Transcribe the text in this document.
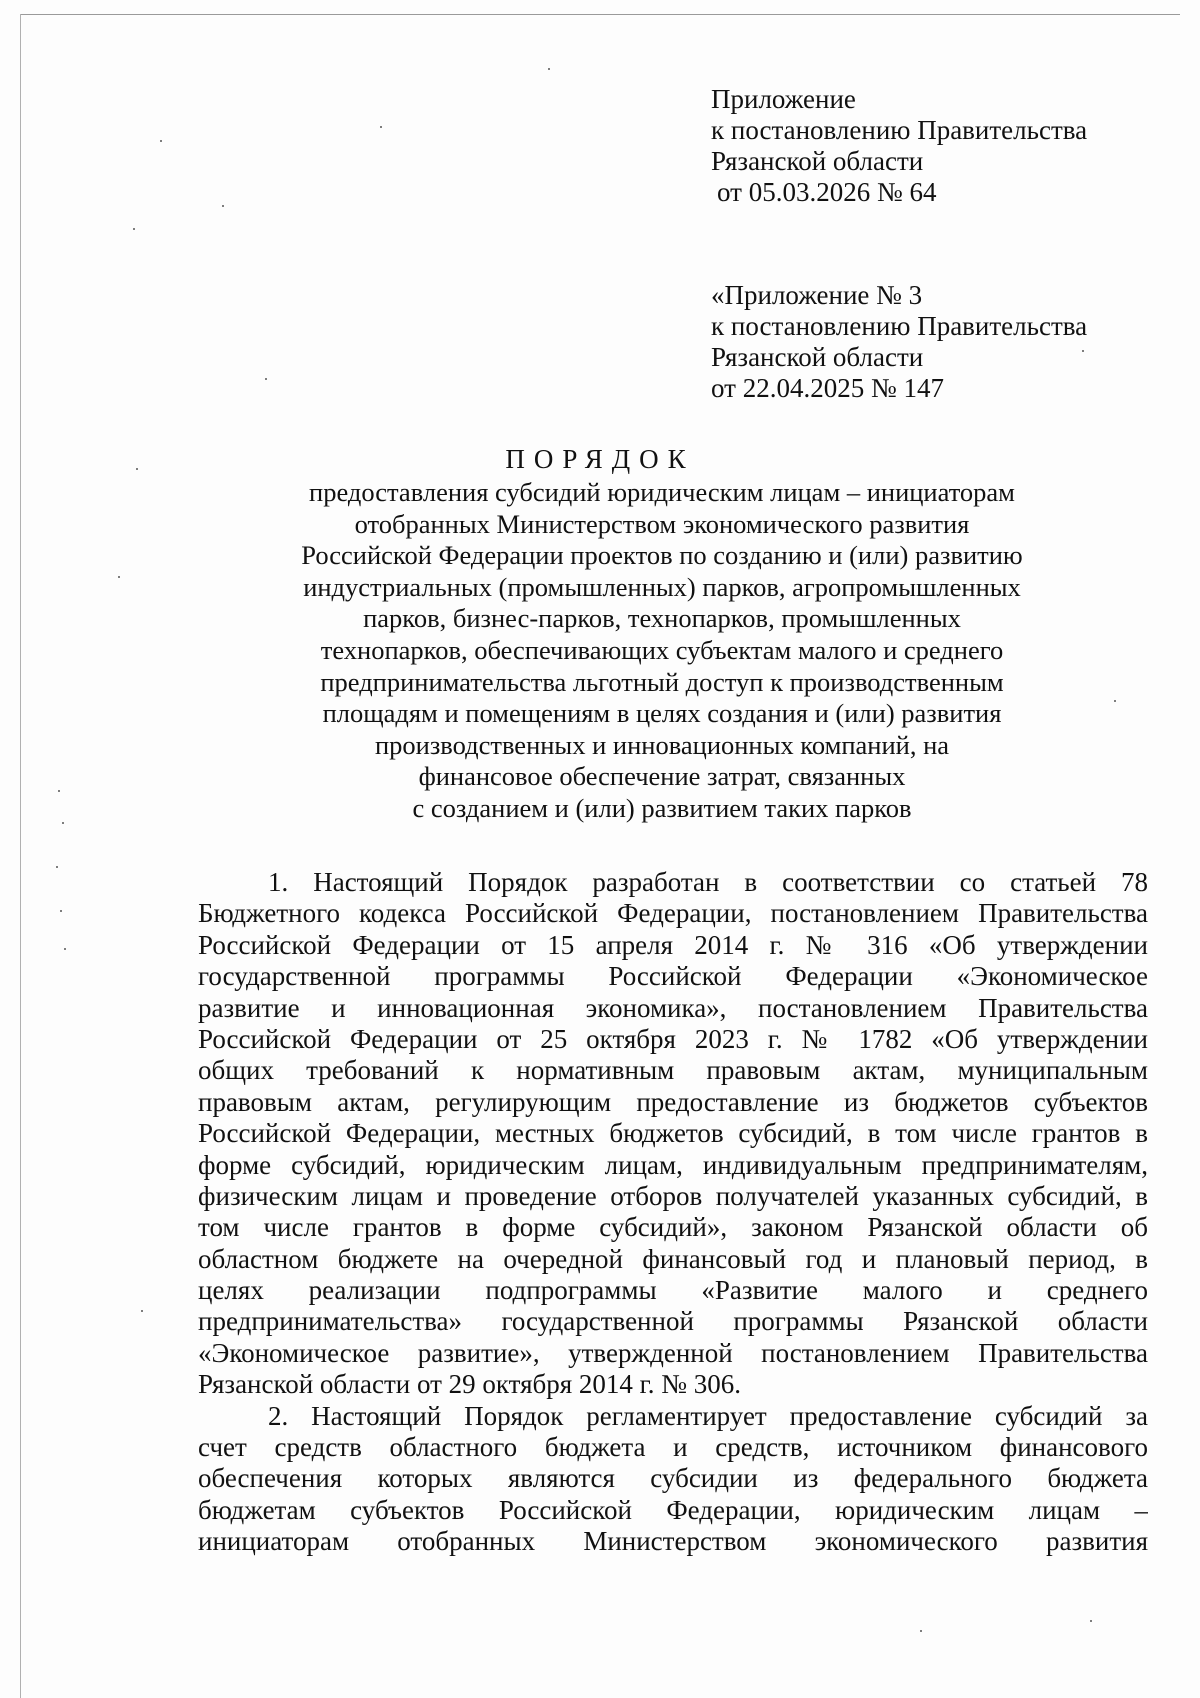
Приложение
к постановлению Правительства
Рязанской области
от 05.03.2026 № 64
«Приложение № 3
к постановлению Правительства
Рязанской области
от 22.04.2025 № 147
ПОРЯДОК
предоставления субсидий юридическим лицам – инициаторам
отобранных Министерством экономического развития
Российской Федерации проектов по созданию и (или) развитию
индустриальных (промышленных) парков, агропромышленных
парков, бизнес-парков, технопарков, промышленных
технопарков, обеспечивающих субъектам малого и среднего
предпринимательства льготный доступ к производственным
площадям и помещениям в целях создания и (или) развития
производственных и инновационных компаний, на
финансовое обеспечение затрат, связанных
с созданием и (или) развитием таких парков
1. Настоящий Порядок разработан в соответствии со статьей 78
Бюджетного кодекса Российской Федерации, постановлением Правительства
Российской Федерации от 15 апреля 2014 г. № 316 «Об утверждении
государственной программы Российской Федерации «Экономическое
развитие и инновационная экономика», постановлением Правительства
Российской Федерации от 25 октября 2023 г. № 1782 «Об утверждении
общих требований к нормативным правовым актам, муниципальным
правовым актам, регулирующим предоставление из бюджетов субъектов
Российской Федерации, местных бюджетов субсидий, в том числе грантов в
форме субсидий, юридическим лицам, индивидуальным предпринимателям,
физическим лицам и проведение отборов получателей указанных субсидий, в
том числе грантов в форме субсидий», законом Рязанской области об
областном бюджете на очередной финансовый год и плановый период, в
целях реализации подпрограммы «Развитие малого и среднего
предпринимательства» государственной программы Рязанской области
«Экономическое развитие», утвержденной постановлением Правительства
Рязанской области от 29 октября 2014 г. № 306.
2. Настоящий Порядок регламентирует предоставление субсидий за
счет средств областного бюджета и средств, источником финансового
обеспечения которых являются субсидии из федерального бюджета
бюджетам субъектов Российской Федерации, юридическим лицам –
инициаторам отобранных Министерством экономического развития
